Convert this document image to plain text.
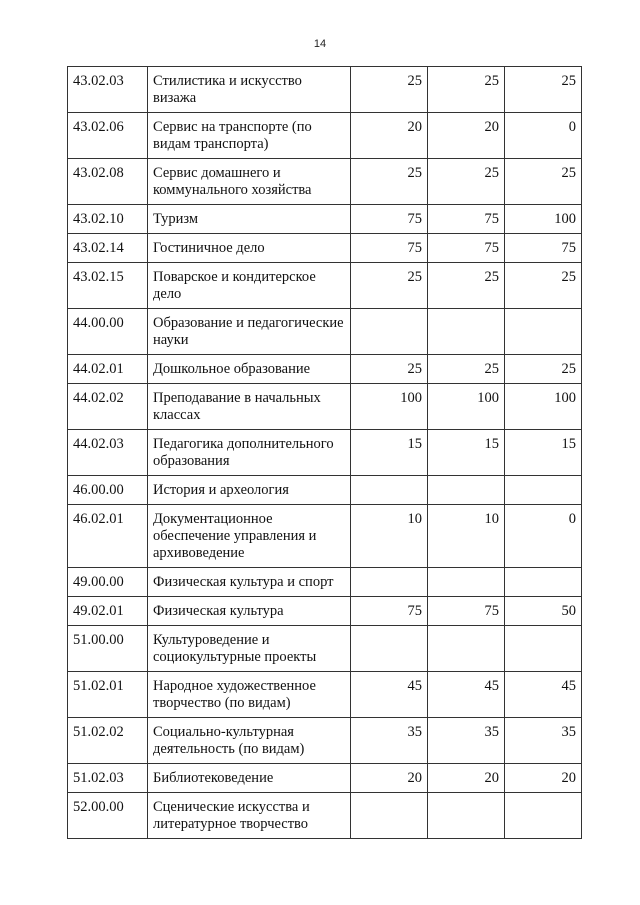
14
43.02.03	Стилистика и искусство визажа	25	25	25
43.02.06	Сервис на транспорте (по видам транспорта)	20	20	0
43.02.08	Сервис домашнего и коммунального хозяйства	25	25	25
43.02.10	Туризм	75	75	100
43.02.14	Гостиничное дело	75	75	75
43.02.15	Поварское и кондитерское дело	25	25	25
44.00.00	Образование и педагогические науки			
44.02.01	Дошкольное образование	25	25	25
44.02.02	Преподавание в начальных классах	100	100	100
44.02.03	Педагогика дополнительного образования	15	15	15
46.00.00	История и археология			
46.02.01	Документационное обеспечение управления и архивоведение	10	10	0
49.00.00	Физическая культура и спорт			
49.02.01	Физическая культура	75	75	50
51.00.00	Культуроведение и социокультурные проекты			
51.02.01	Народное художественное творчество (по видам)	45	45	45
51.02.02	Социально-культурная деятельность (по видам)	35	35	35
51.02.03	Библиотековедение	20	20	20
52.00.00	Сценические искусства и литературное творчество			
